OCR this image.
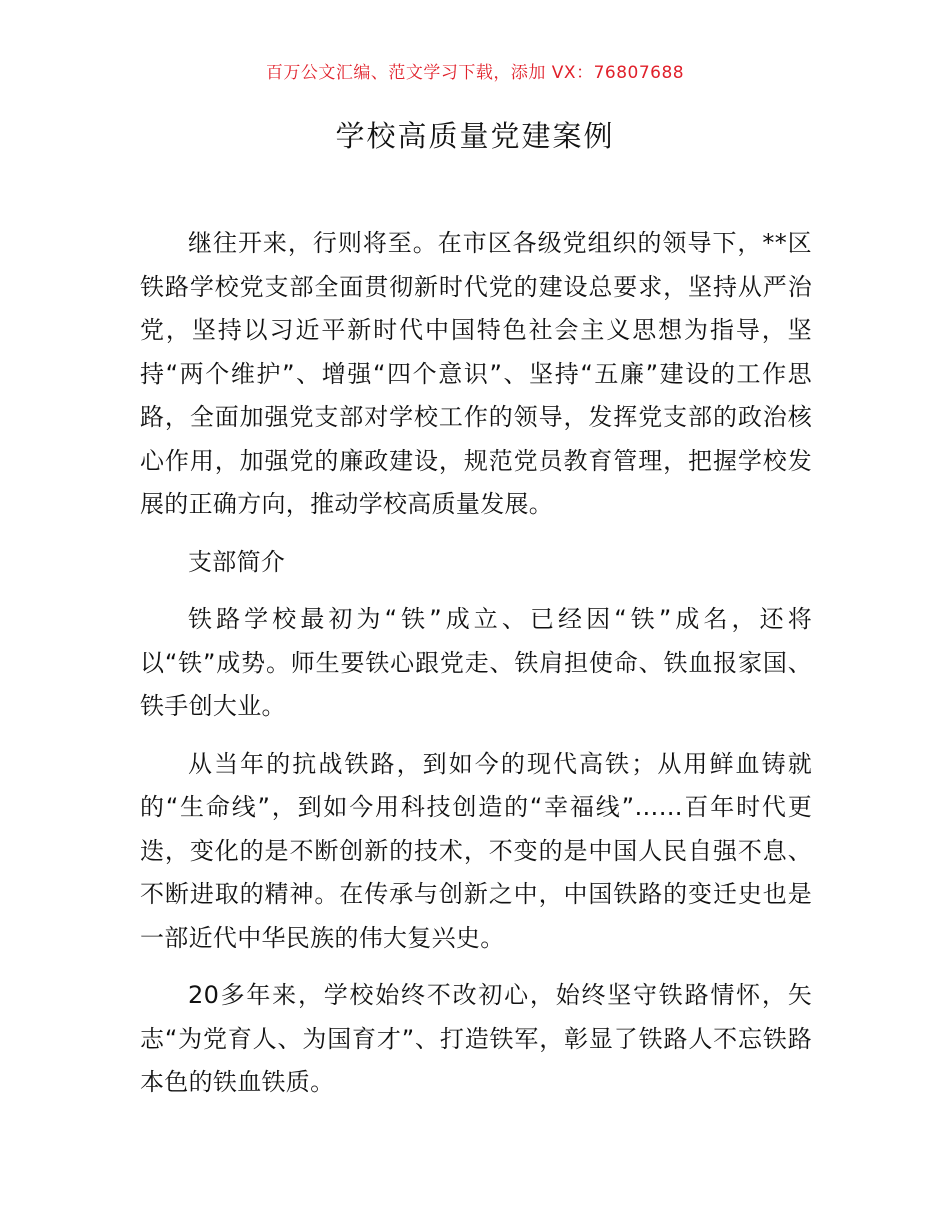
百万公文汇编、范文学习下载，添加 VX：76807688
学校高质量党建案例

继往开来，行则将至。在市区各级党组织的领导下，**区铁路学校党支部全面贯彻新时代党的建设总要求，坚持从严治党，坚持以习近平新时代中国特色社会主义思想为指导，坚持“两个维护”、增强“四个意识”、坚持“五廉”建设的工作思路，全面加强党支部对学校工作的领导，发挥党支部的政治核心作用，加强党的廉政建设，规范党员教育管理，把握学校发展的正确方向，推动学校高质量发展。

支部简介

铁路学校最初为“铁”成立、已经因“铁”成名，还将以“铁”成势。师生要铁心跟党走、铁肩担使命、铁血报家国、铁手创大业。

从当年的抗战铁路，到如今的现代高铁；从用鲜血铸就的“生命线”，到如今用科技创造的“幸福线”……百年时代更迭，变化的是不断创新的技术，不变的是中国人民自强不息、不断进取的精神。在传承与创新之中，中国铁路的变迁史也是一部近代中华民族的伟大复兴史。

20多年来，学校始终不改初心，始终坚守铁路情怀，矢志“为党育人、为国育才”、打造铁军，彰显了铁路人不忘铁路本色的铁血铁质。
